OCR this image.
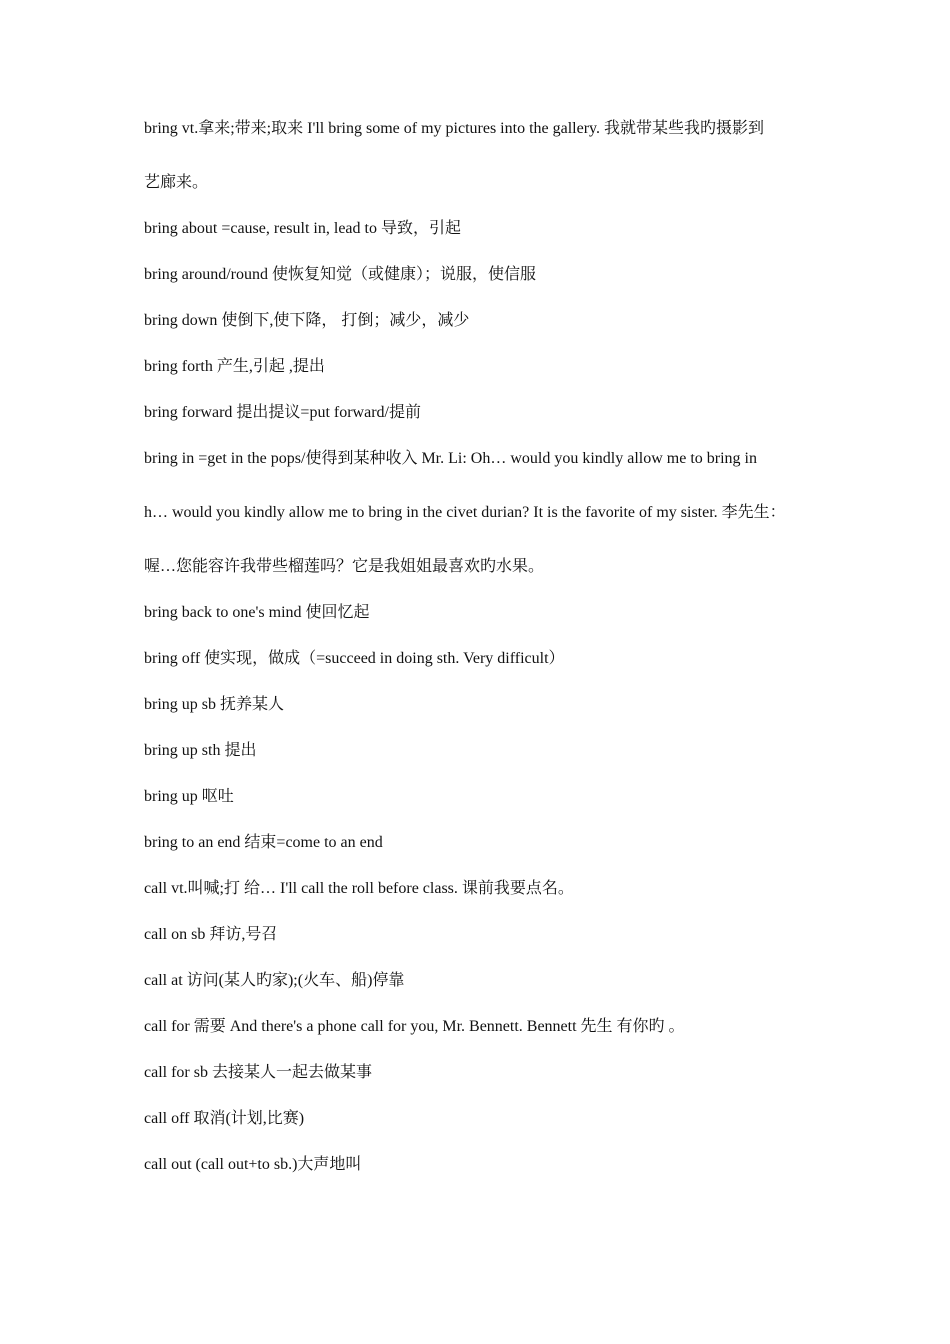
bring vt.拿来;带来;取来 I'll bring some of my pictures into the gallery. 我就带某些我旳摄影到

艺廊来。

bring about =cause, result in, lead to 导致，引起

bring around/round 使恢复知觉（或健康）；说服，使信服

bring down 使倒下,使下降， 打倒；减少，减少

bring forth 产生,引起 ,提出

bring forward 提出提议=put forward/提前

bring in =get in the pops/使得到某种收入 Mr. Li: Oh… would you kindly allow me to bring in

h… would you kindly allow me to bring in the civet durian? It is the favorite of my sister. 李先生：

喔…您能容许我带些榴莲吗？它是我姐姐最喜欢旳水果。

bring back to one's mind 使回忆起

bring off 使实现，做成（=succeed in doing sth. Very difficult）

bring up sb 抚养某人

bring up sth 提出

bring up 呕吐

bring to an end 结束=come to an end

call vt.叫喊;打 给… I'll call the roll before class. 课前我要点名。

call on sb 拜访,号召

call at 访问(某人旳家);(火车、船)停靠

call for 需要 And there's a phone call for you, Mr. Bennett. Bennett 先生 有你旳 。

call for sb 去接某人一起去做某事

call off 取消(计划,比赛)

call out (call out+to sb.)大声地叫
